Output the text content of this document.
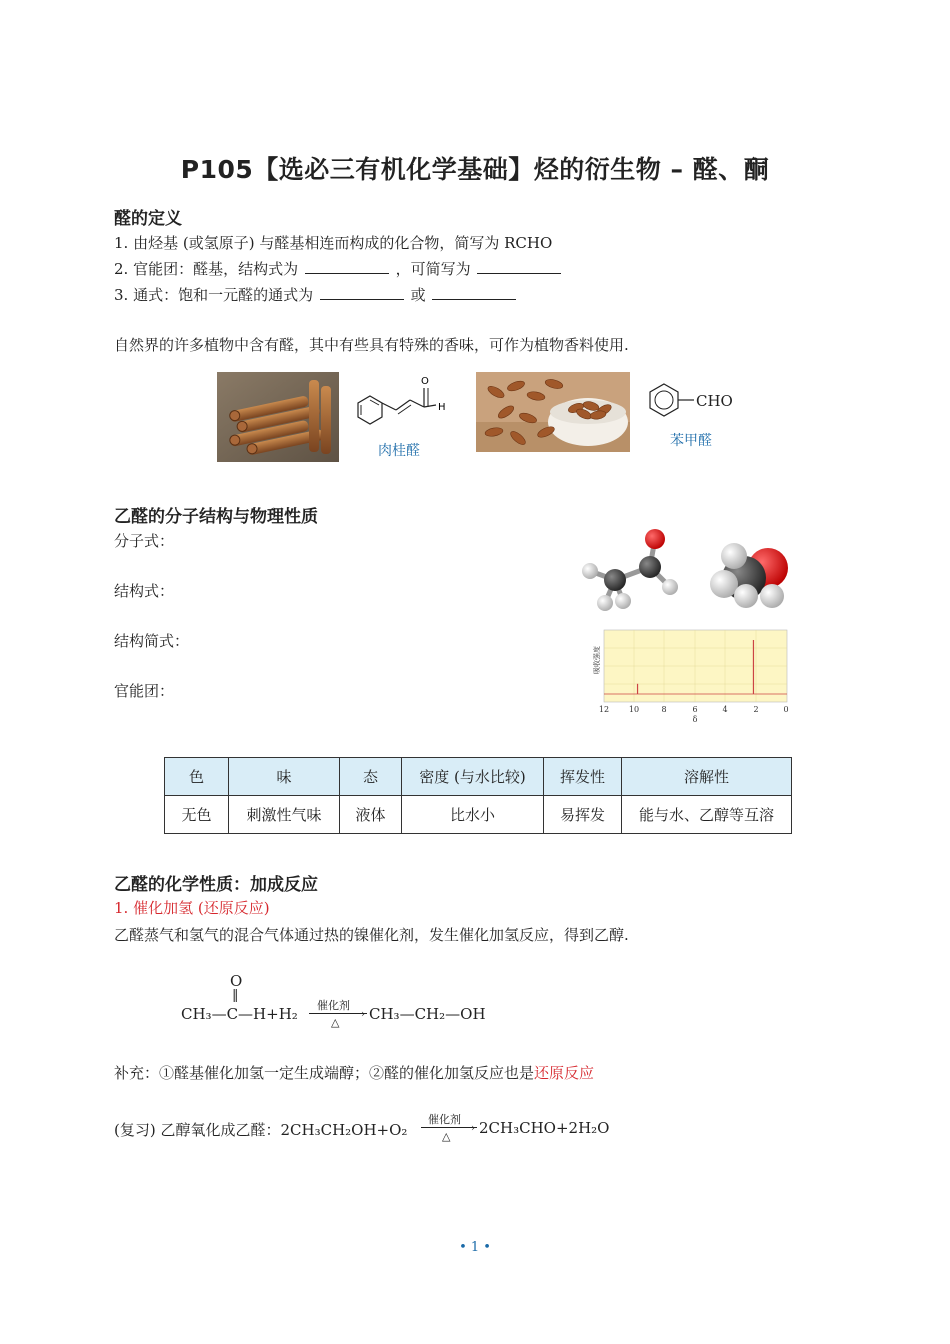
P105【选必三有机化学基础】烃的衍生物 – 醛、酮
醛的定义
1. 由烃基 (或氢原子) 与醛基相连而构成的化合物，简写为 RCHO
2. 官能团：醛基，结构式为	，可简写为
3. 通式：饱和一元醛的通式为	或
自然界的许多植物中含有醛，其中有些具有特殊的香味，可作为植物香料使用.
O
H
肉桂醛
CHO
苯甲醛
乙醛的分子结构与物理性质
分子式：
结构式：
结构简式：
官能团：
吸收强度
12 10	8	6	4	2	0
δ
色	味	态	密度 (与水比较)	挥发性	溶解性
无色	刺激性气味	液体	比水小	易挥发	能与水、乙醇等互溶
乙醛的化学性质：加成反应
1. 催化加氢 (还原反应)
乙醛蒸气和氢气的混合气体通过热的镍催化剂，发生催化加氢反应，得到乙醇.
O
‖
CH₃—C—H+H₂ 催化剂
›
△ CH₃—CH₂—OH
补充：①醛基催化加氢一定生成端醇；②醛的催化加氢反应也是还原反应
(复习) 乙醇氧化成乙醛：2CH₃CH₂OH+O₂
催化剂
›
△ 2CH₃CHO+2H₂O
• 1 •
